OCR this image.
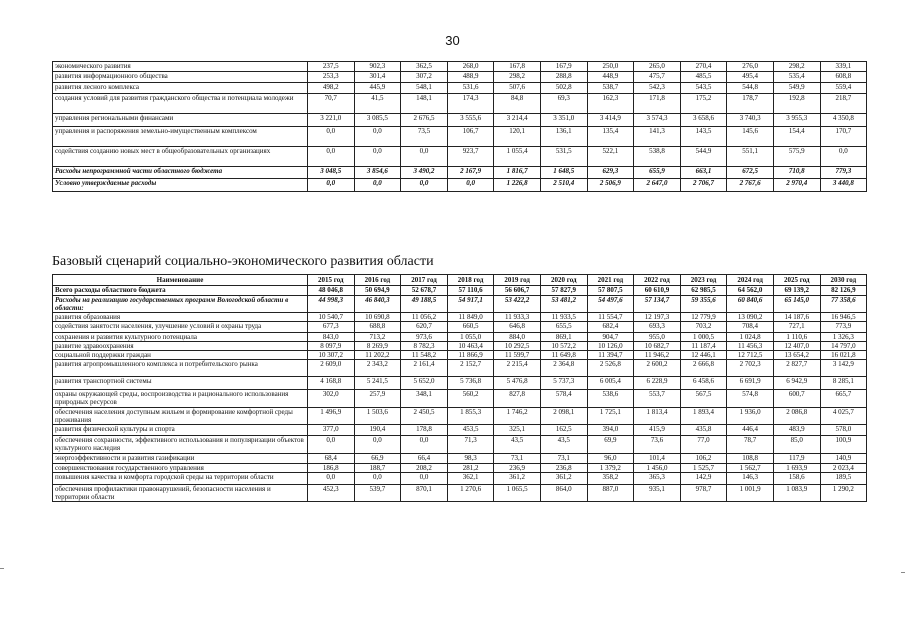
30
экономического развития	237,5	902,3	362,5	268,0	167,8	167,9	250,0	265,0	270,4	276,0	298,2	339,1
развития информационного общества	253,3	301,4	307,2	488,9	298,2	288,8	448,9	475,7	485,5	495,4	535,4	608,8
развития лесного комплекса	498,2	445,9	548,1	531,6	507,6	502,8	538,7	542,3	543,5	544,8	549,9	559,4
создания условий для развития гражданского общества и потенциала молодежи	70,7	41,5	148,1	174,3	84,8	69,3	162,3	171,8	175,2	178,7	192,8	218,7
управления региональными финансами	3 221,0	3 085,5	2 676,5	3 555,6	3 214,4	3 351,0	3 414,9	3 574,3	3 658,6	3 740,3	3 955,3	4 350,8
управления и распоряжения земельно-имущественным комплексом	0,0	0,0	73,5	106,7	120,1	136,1	135,4	141,3	143,5	145,6	154,4	170,7
содействия созданию новых мест в общеобразовательных организациях	0,0	0,0	0,0	923,7	1 055,4	531,5	522,1	538,8	544,9	551,1	575,9	0,0
Расходы непрограммной части областного бюджета	3 048,5	3 854,6	3 490,2	2 167,9	1 816,7	1 648,5	629,3	655,9	663,1	672,5	710,8	779,3
Условно утверждаемые расходы	0,0	0,0	0,0	0,0	1 226,8	2 510,4	2 506,9	2 647,0	2 706,7	2 767,6	2 970,4	3 440,8
Базовый сценарий социально-экономического развития области
Наименование	2015 год	2016 год	2017 год	2018 год	2019 год	2020 год	2021 год	2022 год	2023 год	2024 год	2025 год	2030 год
Всего расходы областного бюджета	48 046,8	50 694,9	52 678,7	57 110,6	56 606,7	57 827,9	57 807,5	60 610,9	62 985,5	64 562,0	69 139,2	82 126,9
Расходы на реализацию государственных программ Вологодской области в области:	44 998,3	46 840,3	49 188,5	54 917,1	53 422,2	53 481,2	54 497,6	57 134,7	59 355,6	60 840,6	65 145,0	77 358,6
развития образования	10 540,7	10 690,8	11 056,2	11 849,0	11 933,3	11 933,5	11 554,7	12 197,3	12 779,9	13 090,2	14 187,6	16 946,5
содействия занятости населения, улучшение условий и охраны труда	677,3	688,8	620,7	660,5	646,8	655,5	682,4	693,3	703,2	708,4	727,1	773,9
сохранения и развития культурного потенциала	843,0	713,2	973,6	1 055,0	884,0	869,1	904,7	955,0	1 000,5	1 024,8	1 110,6	1 326,3
развитие здравоохранения	8 097,9	8 269,9	8 782,3	10 463,4	10 292,5	10 572,2	10 126,0	10 682,7	11 187,4	11 456,3	12 407,0	14 797,0
социальной поддержки граждан	10 307,2	11 202,2	11 548,2	11 866,9	11 599,7	11 649,8	11 394,7	11 946,2	12 446,1	12 712,5	13 654,2	16 021,8
развития агропромышленного комплекса и потребительского рынка	2 609,0	2 343,2	2 161,4	2 152,7	2 215,4	2 364,8	2 526,8	2 600,2	2 666,8	2 702,3	2 827,7	3 142,9
развития транспортной системы	4 168,8	5 241,5	5 652,0	5 736,8	5 476,8	5 737,3	6 005,4	6 228,9	6 458,6	6 691,9	6 942,9	8 285,1
охраны окружающей среды, воспроизводства и рационального использования природных ресурсов	302,0	257,9	348,1	560,2	827,8	578,4	538,6	553,7	567,5	574,8	600,7	665,7
обеспечения населения доступным жильем и формирование комфортной среды проживания	1 496,9	1 503,6	2 450,5	1 855,3	1 746,2	2 098,1	1 725,1	1 813,4	1 893,4	1 936,0	2 086,8	4 025,7
развития физической культуры и спорта	377,0	190,4	178,8	453,5	325,1	162,5	394,0	415,9	435,8	446,4	483,9	578,0
обеспечения сохранности, эффективного использования и популяризации объектов культурного наследия	0,0	0,0	0,0	71,3	43,5	43,5	69,9	73,6	77,0	78,7	85,0	100,9
энергоэффективности и развития газификации	68,4	66,9	66,4	98,3	73,1	73,1	96,0	101,4	106,2	108,8	117,9	140,9
совершенствования государственного управления	186,8	188,7	208,2	281,2	236,9	236,8	1 379,2	1 456,0	1 525,7	1 562,7	1 693,9	2 023,4
повышения качества и комфорта городской среды на территории области	0,0	0,0	0,0	362,1	361,2	361,2	358,2	365,3	142,9	146,3	158,6	189,5
обеспечения профилактики правонарушений, безопасности населения и территории области	452,3	539,7	870,1	1 270,6	1 065,5	864,0	887,0	935,1	978,7	1 001,9	1 083,9	1 290,2
